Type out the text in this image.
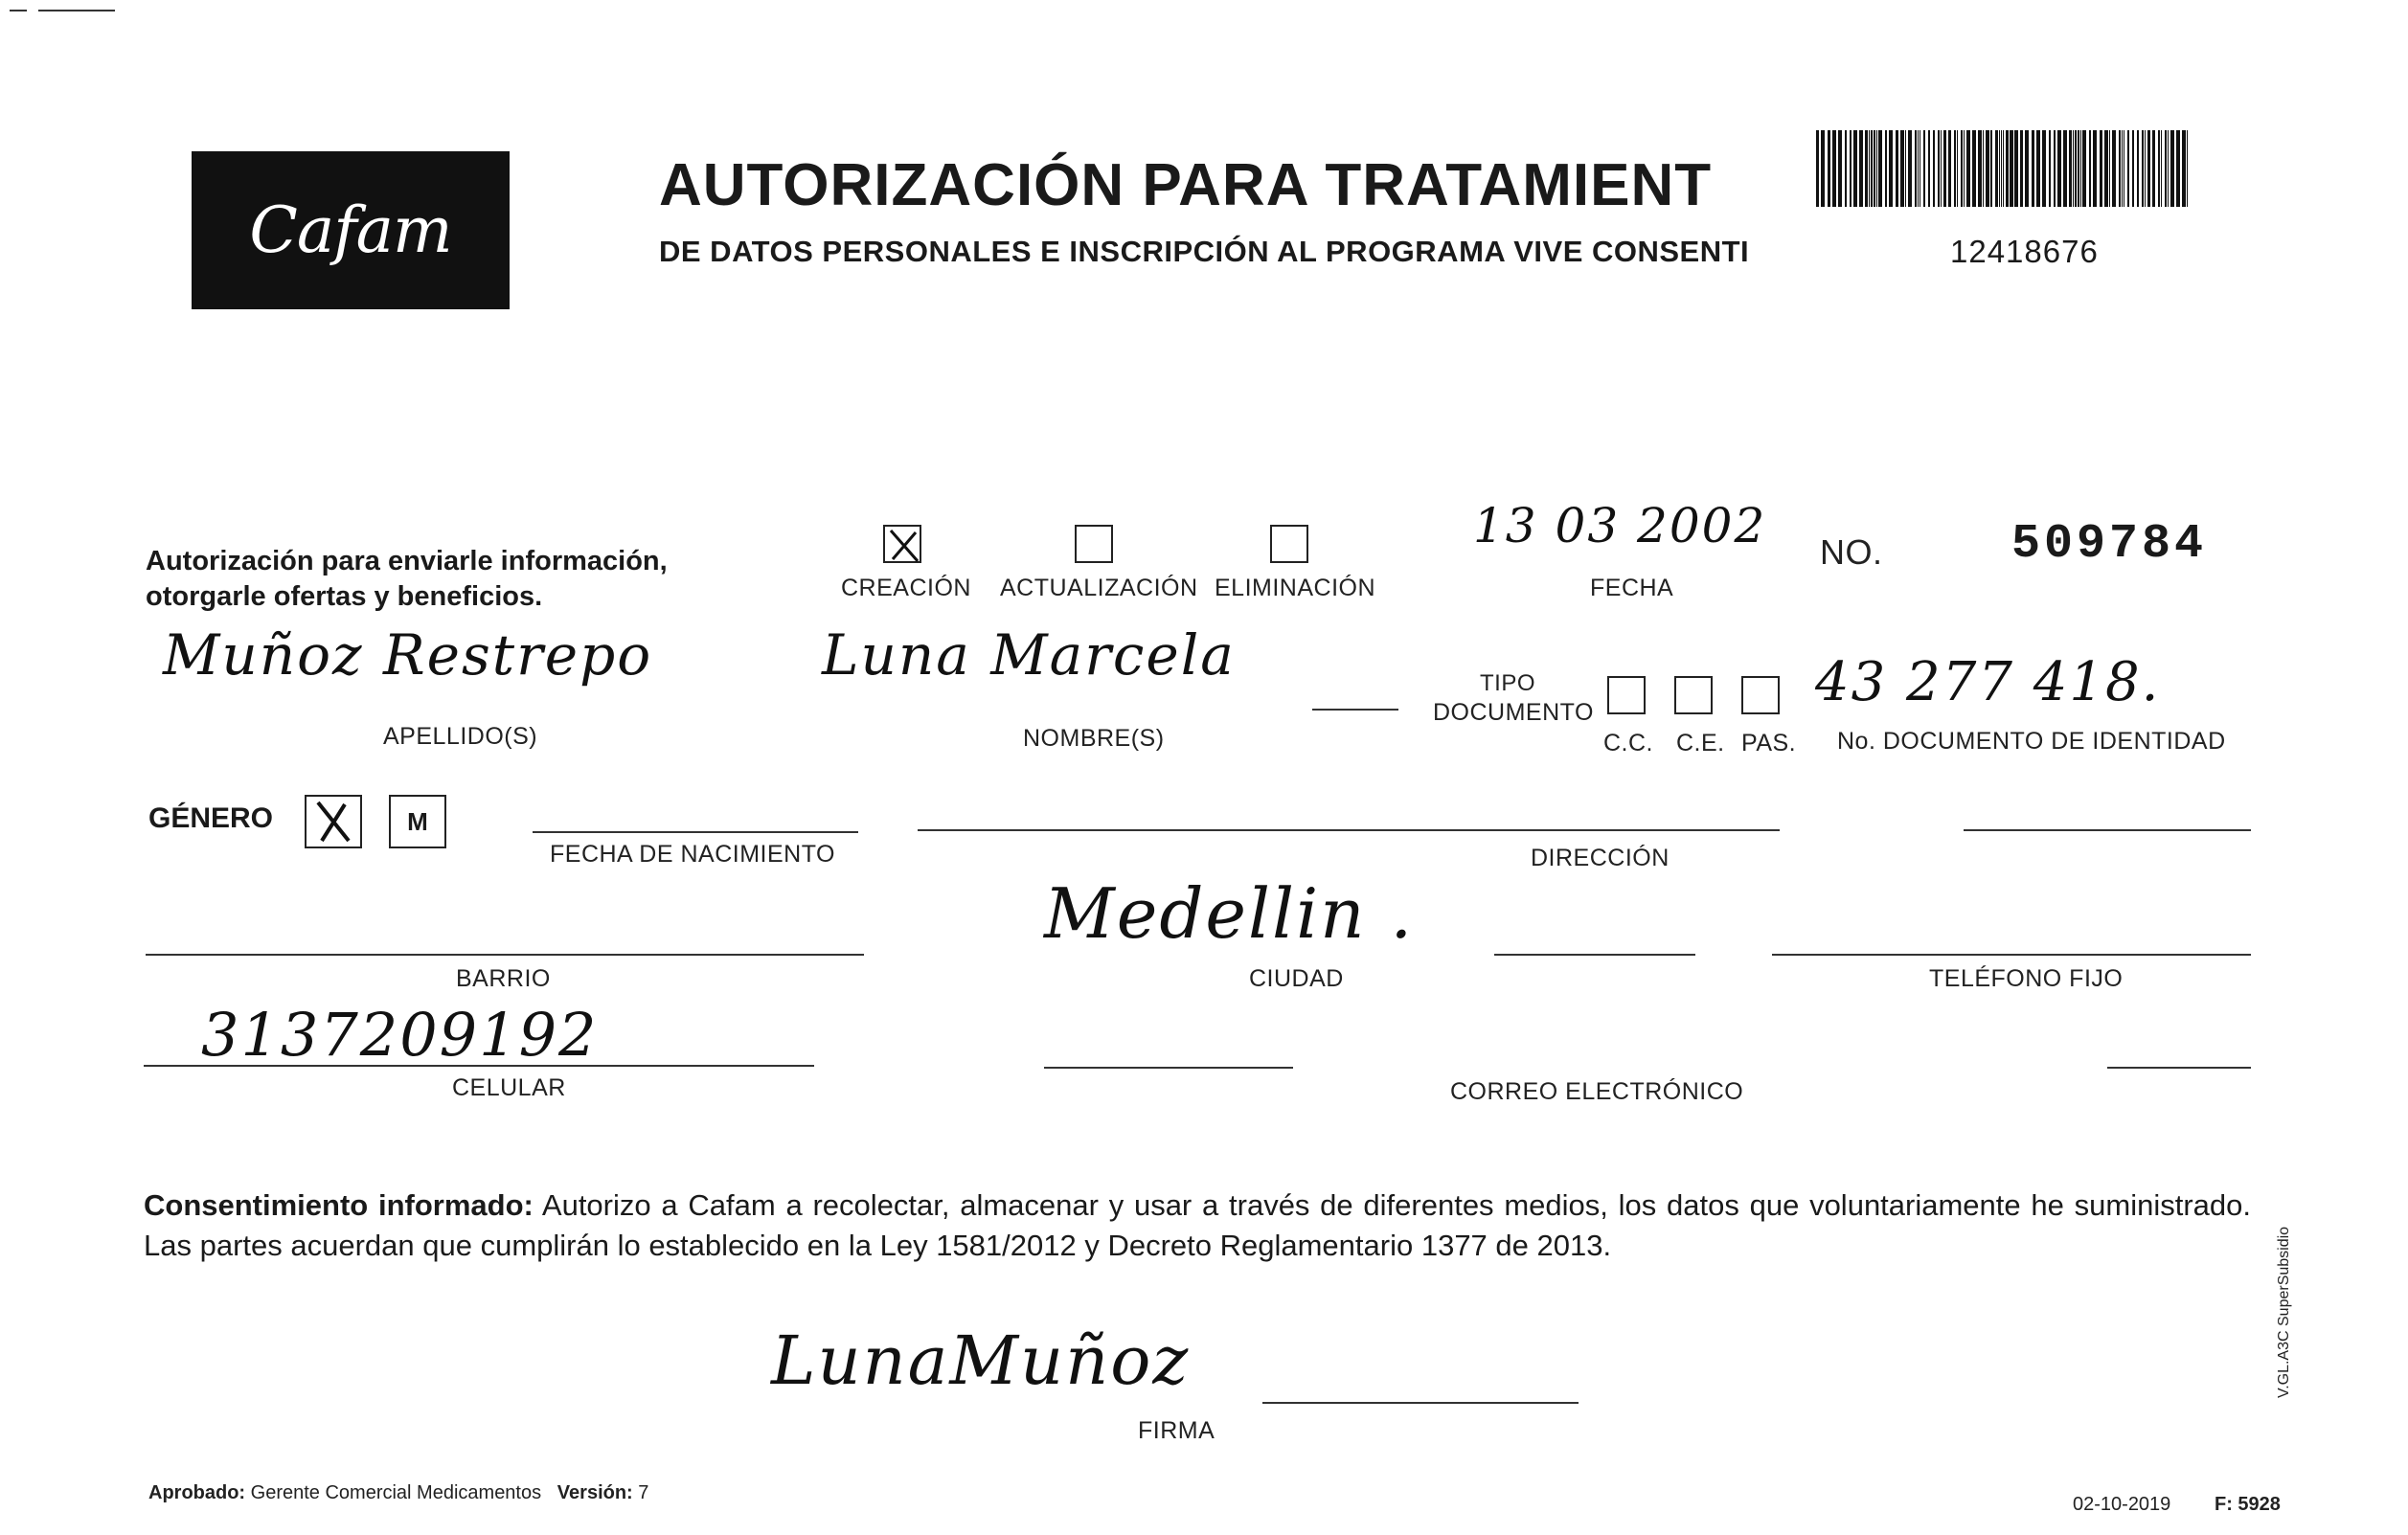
Cafam
AUTORIZACIÓN PARA TRATAMIENT
DE DATOS PERSONALES E INSCRIPCIÓN AL PROGRAMA VIVE CONSENTI	12418676
Autorización para enviarle información,
otorgarle ofertas y beneficios.	CREACIÓN ACTUALIZACIÓN ELIMINACIÓN
13 03 2002
FECHA
NO.	509784
Muñoz Restrepo
APELLIDO(S)
Luna Marcela
NOMBRE(S)
TIPO
DOCUMENTO
C.C. C.E. PAS.
43 277 418.
No. DOCUMENTO DE IDENTIDAD
GÉNERO	M
FECHA DE NACIMIENTO	DIRECCIÓN
BARRIO
Medellin .
CIUDAD	TELÉFONO FIJO
3137209192
CELULAR	CORREO ELECTRÓNICO
Consentimiento informado: Autorizo a Cafam a recolectar, almacenar y usar a través de diferentes medios, los datos que voluntariamente he suministrado. Las partes acuerdan que cumplirán lo establecido en la Ley 1581/2012 y Decreto Reglamentario 1377 de 2013.
LunaMuñoz
FIRMA
Aprobado: Gerente Comercial Medicamentos Versión: 7
02-10-2019 F: 5928
V.GL.A3C SuperSubsidio
